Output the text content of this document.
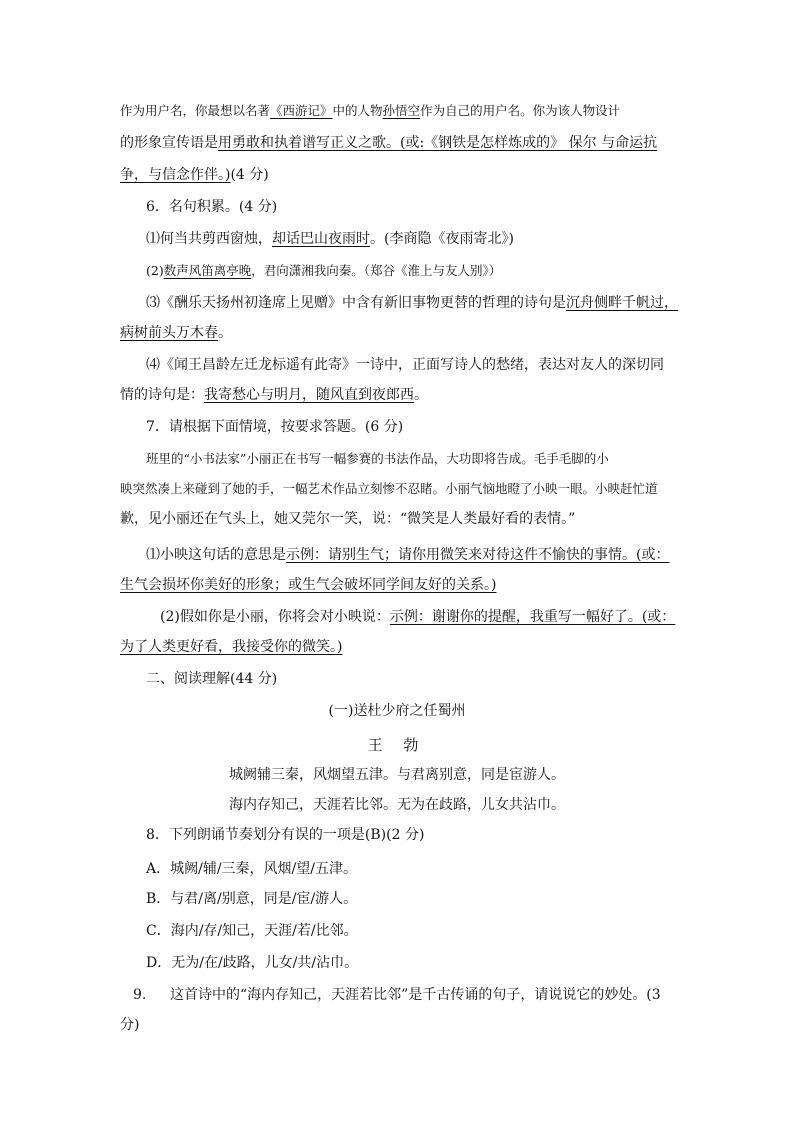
作为用户名，你最想以名著《西游记》中的人物孙悟空作为自己的用户名。你为该人物设计
的形象宣传语是用勇敢和执着谱写正义之歌。(或:《钢铁是怎样炼成的》 保尔 与命运抗
争，与信念作伴。)(4 分)
6．名句积累。(4 分)
⑴何当共剪西窗烛，却话巴山夜雨时。(李商隐《夜雨寄北》)
(2)数声风笛离亭晚，君向潇湘我向秦。（郑谷《淮上与友人别》）
⑶《酬乐天扬州初逢席上见赠》中含有新旧事物更替的哲理的诗句是沉舟侧畔千帆过，
病树前头万木春。
⑷《闻王昌龄左迁龙标遥有此寄》一诗中，正面写诗人的愁绪，表达对友人的深切同
情的诗句是：我寄愁心与明月，随风直到夜郎西。
7．请根据下面情境，按要求答题。(6 分)
班里的“小书法家”小丽正在书写一幅参赛的书法作品，大功即将告成。毛手毛脚的小
映突然凑上来碰到了她的手，一幅艺术作品立刻惨不忍睹。小丽气恼地瞪了小映一眼。小映赶忙道
歉，见小丽还在气头上，她又莞尔一笑，说：“微笑是人类最好看的表情。”
⑴小映这句话的意思是示例：请别生气；请你用微笑来对待这件不愉快的事情。(或：
生气会损坏你美好的形象；或生气会破坏同学间友好的关系。)
(2)假如你是小丽，你将会对小映说：示例：谢谢你的提醒，我重写一幅好了。(或：
为了人类更好看，我接受你的微笑。)
二、阅读理解(44 分)
(一)送杜少府之任蜀州
王 勃
城阙辅三秦，风烟望五津。与君离别意，同是宦游人。
海内存知己，天涯若比邻。无为在歧路，儿女共沾巾。
8．下列朗诵节奏划分有误的一项是(B)(2 分)
A．城阙/辅/三秦，风烟/望/五津。
B．与君/离/别意，同是/宦/游人。
C．海内/存/知己，天涯/若/比邻。
D．无为/在/歧路，儿女/共/沾巾。
9. 这首诗中的“海内存知己，天涯若比邻”是千古传诵的句子，请说说它的妙处。(3
分)
